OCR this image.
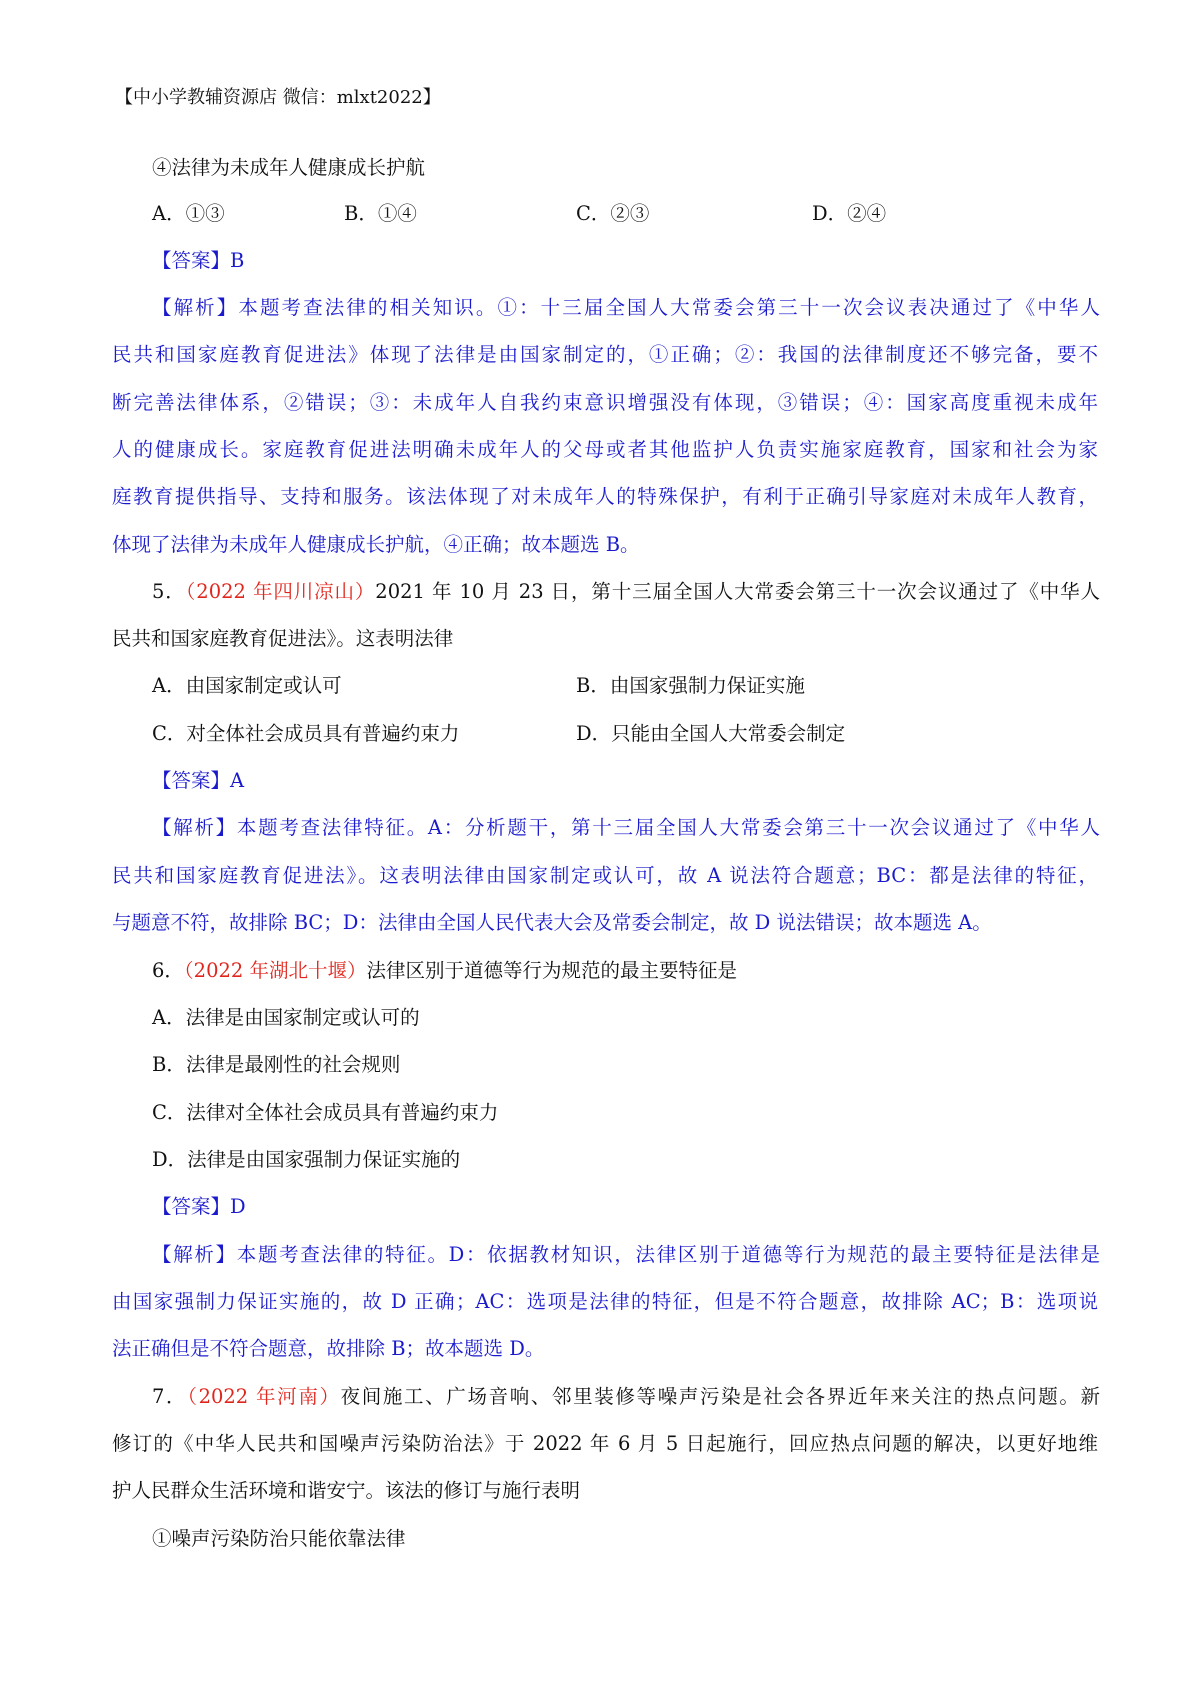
【中小学教辅资源店 微信：mlxt2022】
④法律为未成年人健康成长护航
A．①③	B．①④	C．②③	D．②④
【答案】B
【解析】本题考查法律的相关知识。①：十三届全国人大常委会第三十一次会议表决通过了《中华人
民共和国家庭教育促进法》体现了法律是由国家制定的，①正确；②：我国的法律制度还不够完备，要不
断完善法律体系，②错误；③：未成年人自我约束意识增强没有体现，③错误；④：国家高度重视未成年
人的健康成长。家庭教育促进法明确未成年人的父母或者其他监护人负责实施家庭教育，国家和社会为家
庭教育提供指导、支持和服务。该法体现了对未成年人的特殊保护，有利于正确引导家庭对未成年人教育，
体现了法律为未成年人健康成长护航，④正确；故本题选 B。
5．（2022 年四川凉山）2021 年 10 月 23 日，第十三届全国人大常委会第三十一次会议通过了《中华人
民共和国家庭教育促进法》。这表明法律
A．由国家制定或认可	B．由国家强制力保证实施
C．对全体社会成员具有普遍约束力	D．只能由全国人大常委会制定
【答案】A
【解析】本题考查法律特征。A：分析题干，第十三届全国人大常委会第三十一次会议通过了《中华人
民共和国家庭教育促进法》。这表明法律由国家制定或认可，故 A 说法符合题意；BC：都是法律的特征，
与题意不符，故排除 BC；D：法律由全国人民代表大会及常委会制定，故 D 说法错误；故本题选 A。
6．（2022 年湖北十堰）法律区别于道德等行为规范的最主要特征是
A．法律是由国家制定或认可的
B．法律是最刚性的社会规则
C．法律对全体社会成员具有普遍约束力
D．法律是由国家强制力保证实施的
【答案】D
【解析】本题考查法律的特征。D：依据教材知识，法律区别于道德等行为规范的最主要特征是法律是
由国家强制力保证实施的，故 D 正确；AC：选项是法律的特征，但是不符合题意，故排除 AC；B：选项说
法正确但是不符合题意，故排除 B；故本题选 D。
7．（2022 年河南）夜间施工、广场音响、邻里装修等噪声污染是社会各界近年来关注的热点问题。新
修订的《中华人民共和国噪声污染防治法》于 2022 年 6 月 5 日起施行，回应热点问题的解决，以更好地维
护人民群众生活环境和谐安宁。该法的修订与施行表明
①噪声污染防治只能依靠法律
